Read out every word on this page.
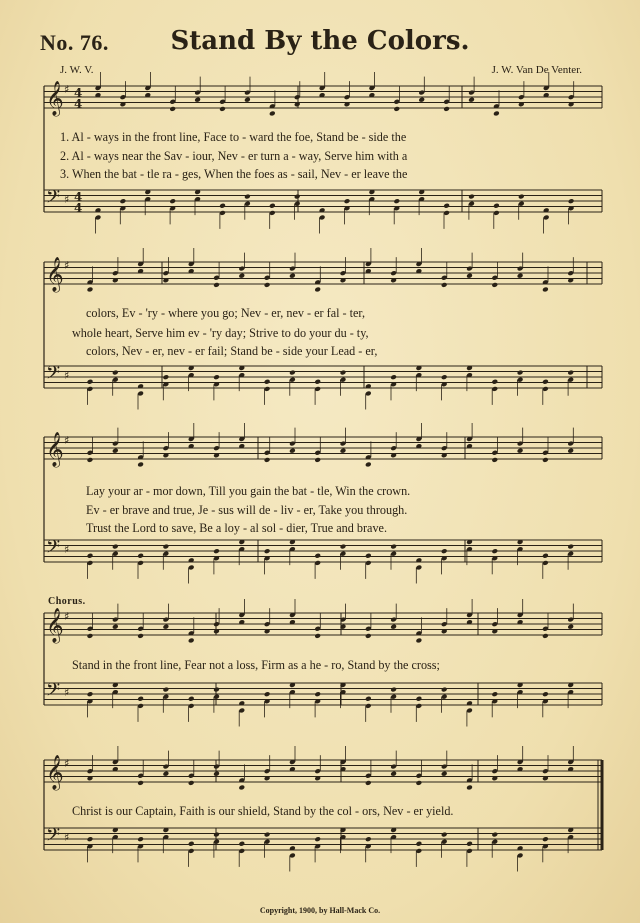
No. 76.	Stand By the Colors.
J. W. V.	J. W. Van De Venter.
𝄞 ♯ 4
4
𝄢 ♯ 4
4
𝄞 ♯
𝄢 ♯
𝄞 ♯
𝄢 ♯
𝄞 ♯
𝄢 ♯
𝄞 ♯
𝄢 ♯
1. Al - ways in the front line, Face to - ward the foe, Stand be - side the
2. Al - ways near the Sav - iour, Nev - er turn a - way, Serve him with a
3. When the bat - tle ra - ges, When the foes as - sail, Nev - er leave the
colors, Ev - 'ry - where you go; Nev - er, nev - er fal - ter,
whole heart, Serve him ev - 'ry day; Strive to do your du - ty,
colors, Nev - er, nev - er fail; Stand be - side your Lead - er,
Lay your ar - mor down, Till you gain the bat - tle, Win the crown.
Ev - er brave and true, Je - sus will de - liv - er, Take you through.
Trust the Lord to save, Be a loy - al sol - dier, True and brave.
Chorus.
Stand in the front line, Fear not a loss, Firm as a he - ro, Stand by the cross;
Christ is our Captain, Faith is our shield, Stand by the col - ors, Nev - er yield.
Copyright, 1900, by Hall-Mack Co.
